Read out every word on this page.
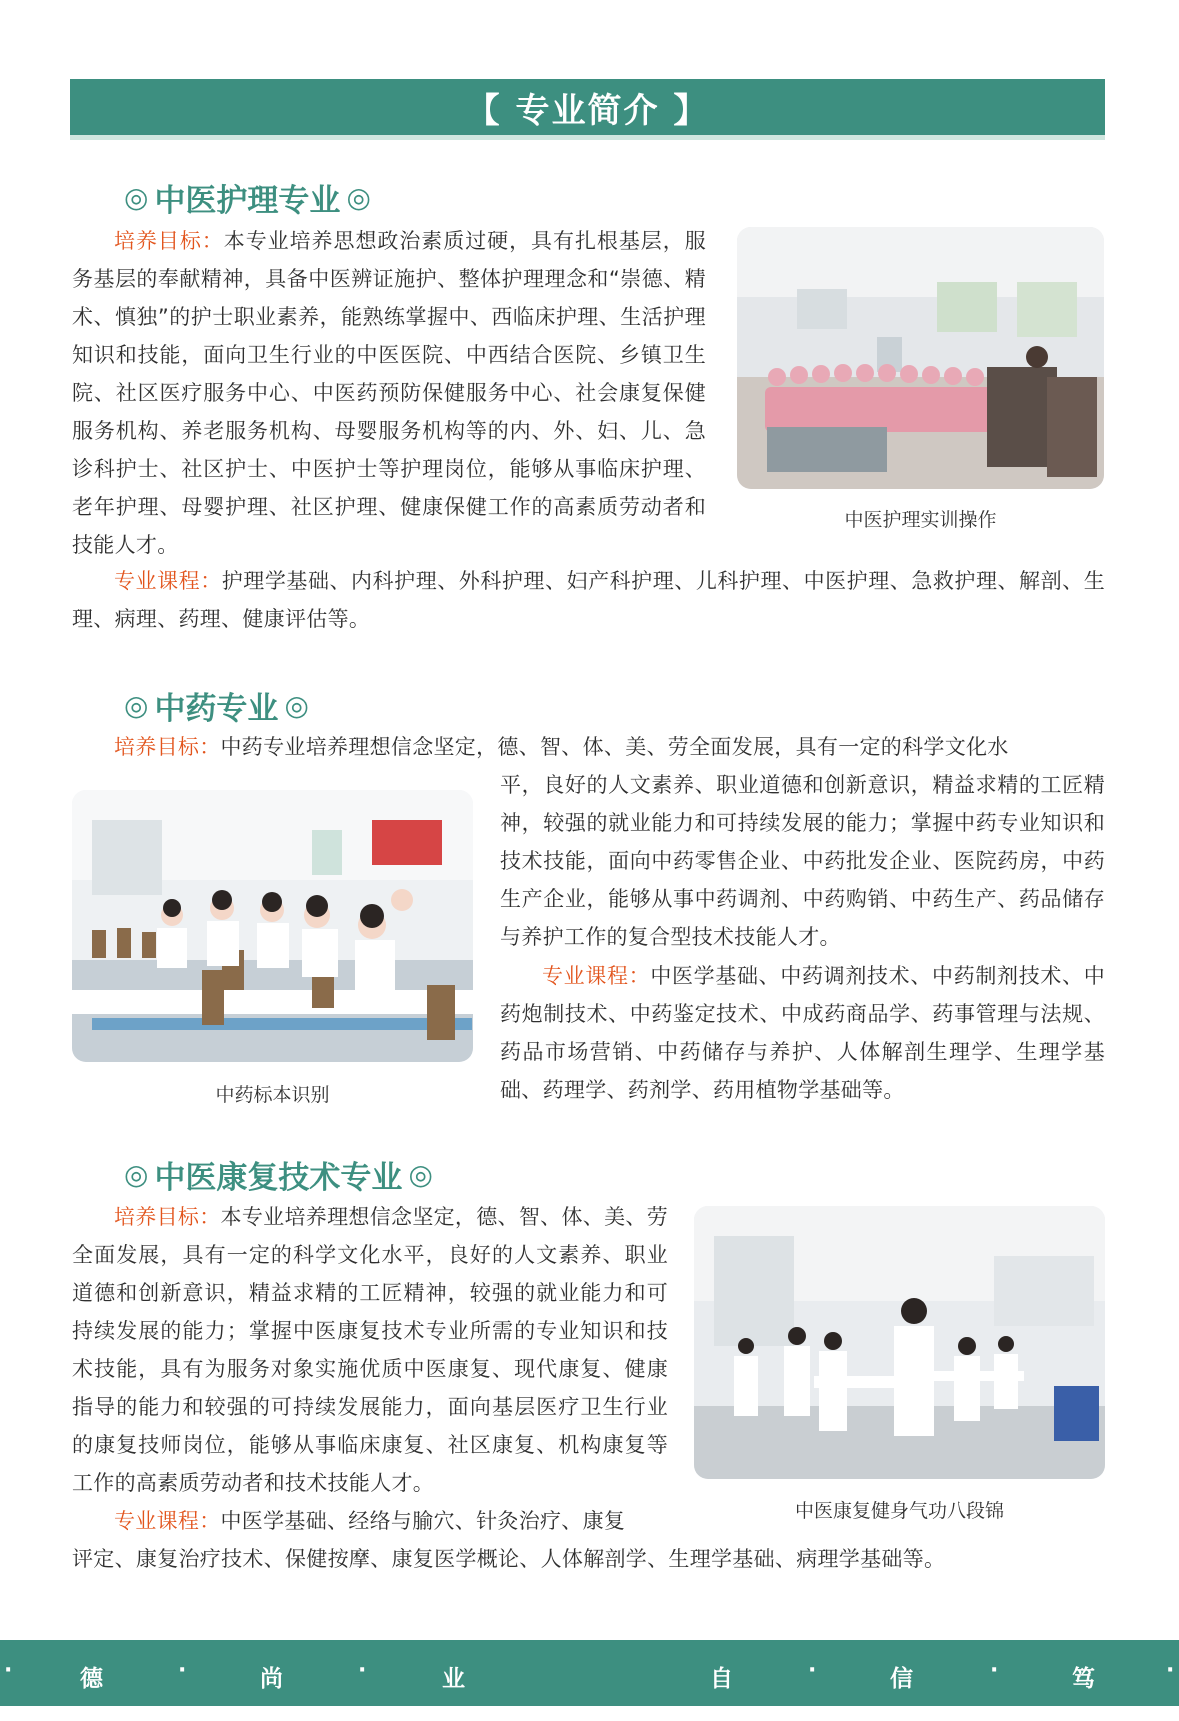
【 专业简介 】
◎ 中医护理专业 ◎
培养目标：本专业培养思想政治素质过硬，具有扎根基层，服务基层的奉献精神，具备中医辨证施护、整体护理理念和“崇德、精术、慎独”的护士职业素养，能熟练掌握中、西临床护理、生活护理知识和技能，面向卫生行业的中医医院、中西结合医院、乡镇卫生院、社区医疗服务中心、中医药预防保健服务中心、社会康复保健服务机构、养老服务机构、母婴服务机构等的内、外、妇、儿、急诊科护士、社区护士、中医护士等护理岗位，能够从事临床护理、老年护理、母婴护理、社区护理、健康保健工作的高素质劳动者和技能人才。
中医护理实训操作
专业课程：护理学基础、内科护理、外科护理、妇产科护理、儿科护理、中医护理、急救护理、解剖、生理、病理、药理、健康评估等。
◎ 中药专业 ◎
培养目标：中药专业培养理想信念坚定，德、智、体、美、劳全面发展，具有一定的科学文化水
中药标本识别
平，良好的人文素养、职业道德和创新意识，精益求精的工匠精神，较强的就业能力和可持续发展的能力；掌握中药专业知识和技术技能，面向中药零售企业、中药批发企业、医院药房，中药生产企业，能够从事中药调剂、中药购销、中药生产、药品储存与养护工作的复合型技术技能人才。
专业课程：中医学基础、中药调剂技术、中药制剂技术、中药炮制技术、中药鉴定技术、中成药商品学、药事管理与法规、药品市场营销、中药储存与养护、人体解剖生理学、生理学基础、药理学、药剂学、药用植物学基础等。
◎ 中医康复技术专业 ◎
培养目标：本专业培养理想信念坚定，德、智、体、美、劳全面发展，具有一定的科学文化水平，良好的人文素养、职业道德和创新意识，精益求精的工匠精神，较强的就业能力和可持续发展的能力；掌握中医康复技术专业所需的专业知识和技术技能，具有为服务对象实施优质中医康复、现代康复、健康指导的能力和较强的可持续发展能力，面向基层医疗卫生行业的康复技师岗位，能够从事临床康复、社区康复、机构康复等工作的高素质劳动者和技术技能人才。
专业课程：中医学基础、经络与腧穴、针灸治疗、康复
评定、康复治疗技术、保健按摩、康复医学概论、人体解剖学、生理学基础、病理学基础等。
中医康复健身气功八段锦
·	德	·	尚	·	业	自	·	信	·	笃	·
